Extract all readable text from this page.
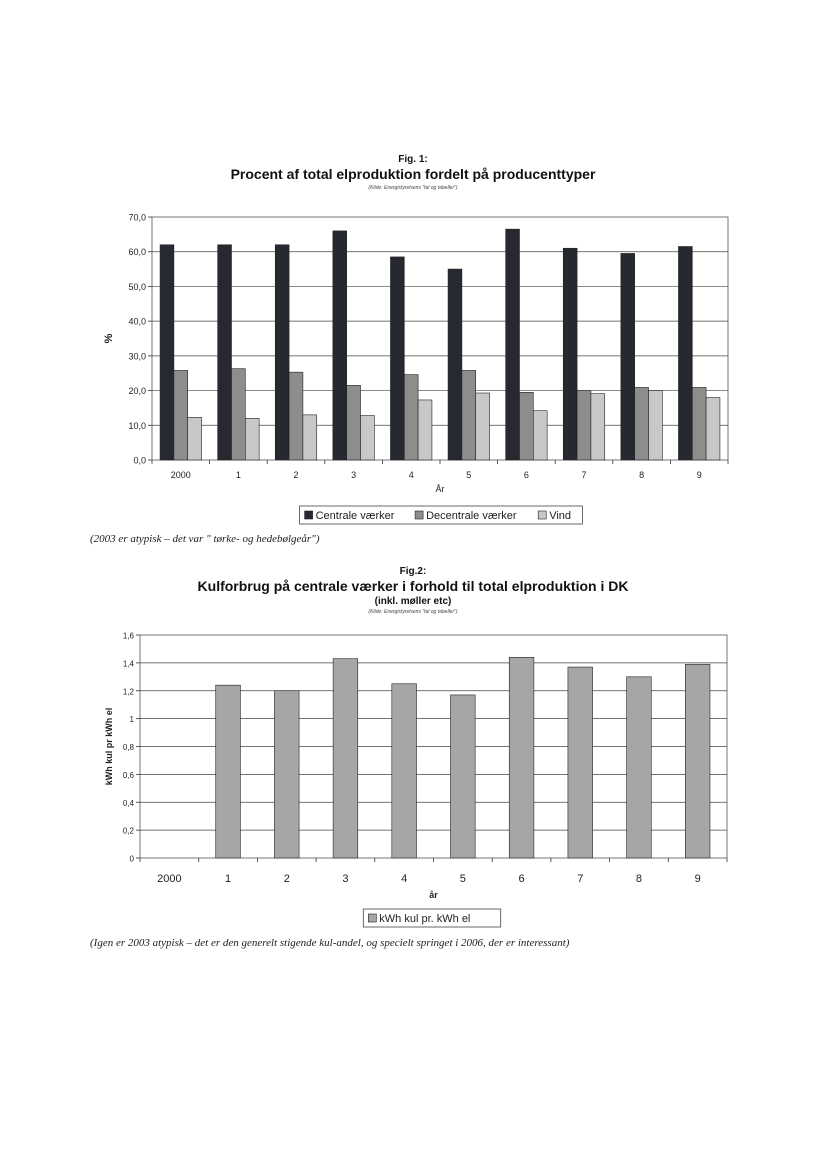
Fig. 1:
Procent af total elproduktion fordelt på producenttyper
(Kilde: Energistyrelsens "tal og tabeller")
0,0
10,0
20,0
30,0
40,0
50,0
60,0
70,0
2000	1	2	3	4	5	6	7	8	9
År
%
Centrale værker	Decentrale værker	Vind
(2003 er atypisk – det var " tørke- og hedebølgeår")
Fig.2:
Kulforbrug på centrale værker i forhold til total elproduktion i DK
(inkl. møller etc)
(Kilde: Energistyrelsens "tal og tabeller")
0
0,2
0,4
0,6
0,8
1
1,2
1,4
1,6
2000	1	2	3	4	5	6	7	8	9
år
kWh kul pr kWh el
kWh kul pr. kWh el
(Igen er 2003 atypisk – det er den generelt stigende kul-andel, og specielt springet i 2006, der er interessant)
